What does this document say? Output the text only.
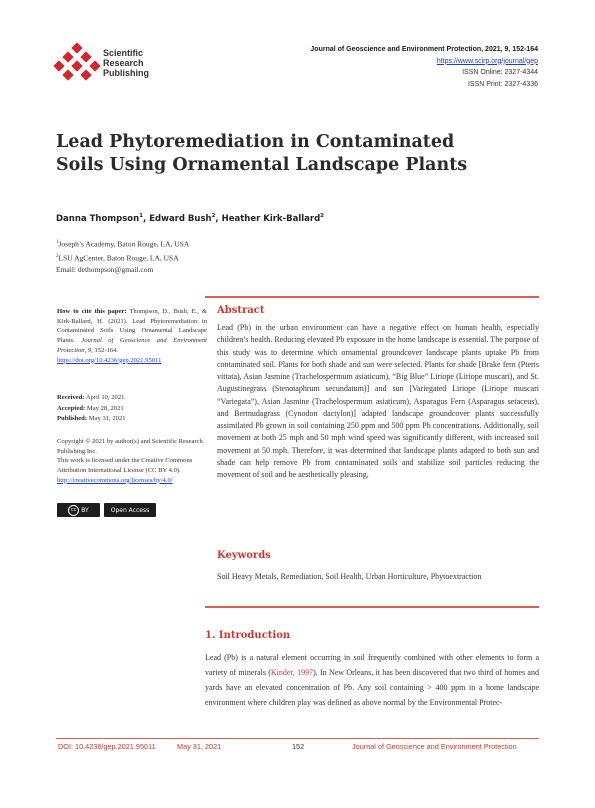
Scientific
Research
Publishing
Journal of Geoscience and Environment Protection, 2021, 9, 152-164
https://www.scirp.org/journal/gep
ISSN Online: 2327-4344
ISSN Print: 2327-4336
Lead Phytoremediation in Contaminated
Soils Using Ornamental Landscape Plants
Danna Thompson$^1$, Edward Bush$^2$, Heather Kirk-Ballard$^2$
$^1$Joseph’s Academy, Baton Rouge, LA, USA
$^2$LSU AgCenter, Baton Rouge, LA, USA
Email: dethompson@gmail.com
How to cite this paper: Thompson, D., Bush, E., & Kirk-Ballard, H. (2021). Lead Phytoremediation in Contaminated Soils Using Ornamental Landscape Plants. Journal of Geoscience and Environment Protection, 9, 152-164.
https://doi.org/10.4236/gep.2021.95011
Received: April 10, 2021
Accepted: May 28, 2021
Published: May 31, 2021
Copyright © 2021 by author(s) and Scientific Research Publishing Inc.
This work is licensed under the Creative Commons Attribution International License (CC BY 4.0).
http://creativecommons.org/licenses/by/4.0/
cc BY	Open Access
Abstract
Lead (Pb) in the urban environment can have a negative effect on human health, especially children’s health. Reducing elevated Pb exposure in the home landscape is essential. The purpose of this study was to determine which ornamental groundcover landscape plants uptake Pb from contaminated soil. Plants for both shade and sun were selected. Plants for shade [Brake fern (Pteris vittata), Asian Jasmine (Trachelospermum asiaticum), “Big Blue” Liriope (Liriope muscari), and St. Augustinegrass (Stenotaphrum secundatum)] and sun [Variegated Liriope (Liriope muscari “Variegata”), Asian Jasmine (Trachelospermum asiaticum), Asparagus Fern (Asparagus setaceus), and Bermudagrass (Cynodon dactylon)] adapted landscape groundcover plants successfully assimilated Pb grown in soil containing 250 ppm and 500 ppm Pb concentrations. Additionally, soil movement at both 25 mph and 50 mph wind speed was significantly different, with increased soil movement at 50 mph. Therefore, it was determined that landscape plants adapted to both sun and shade can help remove Pb from contaminated soils and stabilize soil particles reducing the movement of soil and be aesthetically pleasing.
Keywords
Soil Heavy Metals, Remediation, Soil Health, Urban Horticulture, Phytoextraction
1. Introduction
Lead (Pb) is a natural element occurring in soil frequently combined with other elements to form a variety of minerals (Kinder, 1997). In New Orleans, it has been discovered that two third of homes and yards have an elevated concentration of Pb. Any soil containing > 400 ppm in a home landscape environment where children play was defined as above normal by the Environmental Protec-
DOI: 10.4236/gep.2021.95011	May 31, 2021	152	Journal of Geoscience and Environment Protection
